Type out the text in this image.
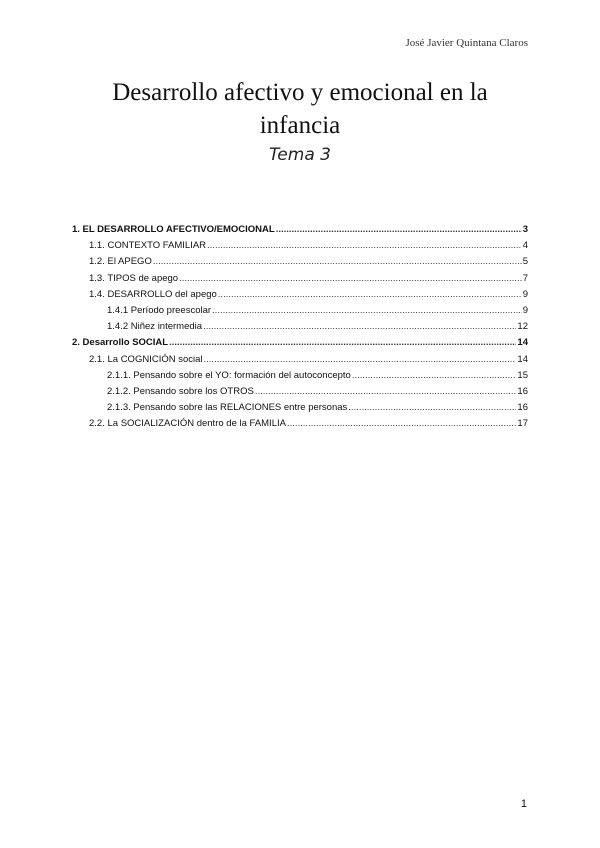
José Javier Quintana Claros
Desarrollo afectivo y emocional en la
infancia
Tema 3
1. EL DESARROLLO AFECTIVO/EMOCIONAL .....	3
1.1. CONTEXTO FAMILIAR .....	4
1.2. El APEGO .....	5
1.3. TIPOS de apego .....	7
1.4. DESARROLLO del apego .....	9
1.4.1 Período preescolar .....	9
1.4.2 Niñez intermedia .....	12
2. Desarrollo SOCIAL .....	14
2.1. La COGNICIÓN social .....	14
2.1.1. Pensando sobre el YO: formación del autoconcepto .....	15
2.1.2. Pensando sobre los OTROS .....	16
2.1.3. Pensando sobre las RELACIONES entre personas .....	16
2.2. La SOCIALIZACIÓN dentro de la FAMILIA .....	17
1
